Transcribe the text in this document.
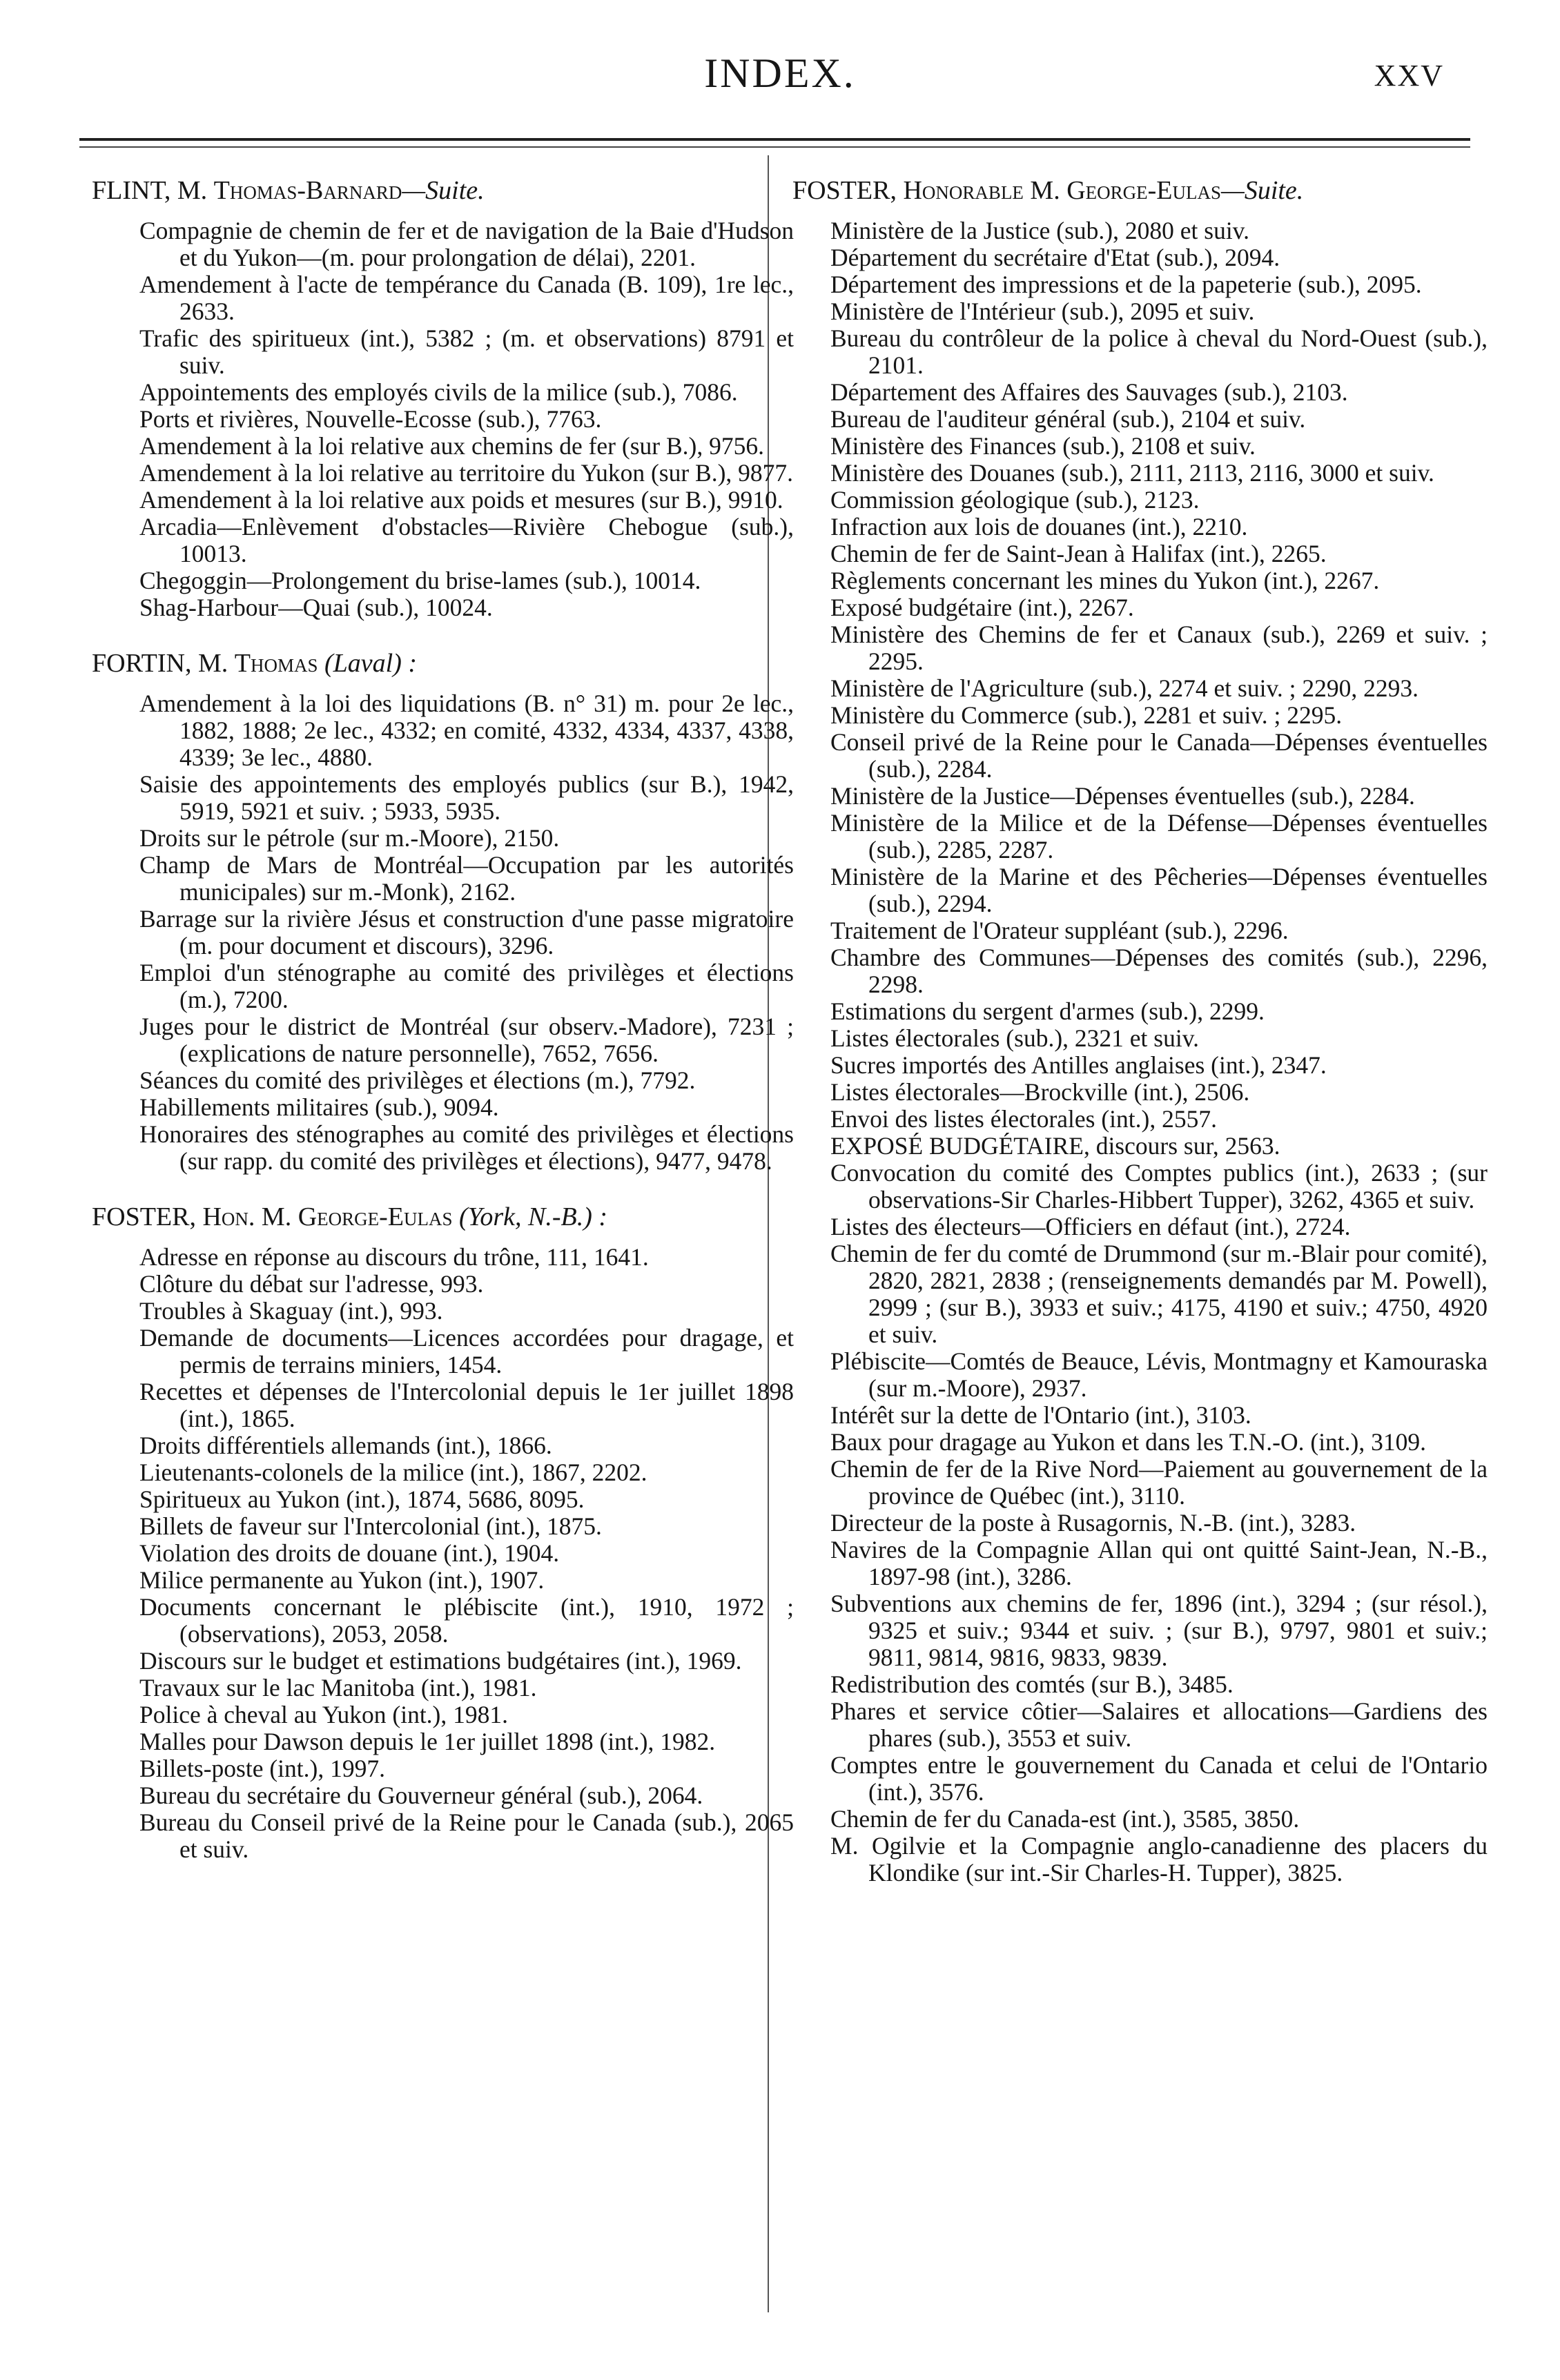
INDEX.	XXV
FLINT, M. Thomas-Barnard—Suite.

Compagnie de chemin de fer et de navigation de la Baie d'Hudson et du Yukon—(m. pour prolongation de délai), 2201.

Amendement à l'acte de tempérance du Canada (B. 109), 1re lec., 2633.

Trafic des spiritueux (int.), 5382 ; (m. et observations) 8791 et suiv.

Appointements des employés civils de la milice (sub.), 7086.

Ports et rivières, Nouvelle-Ecosse (sub.), 7763.

Amendement à la loi relative aux chemins de fer (sur B.), 9756.

Amendement à la loi relative au territoire du Yukon (sur B.), 9877.

Amendement à la loi relative aux poids et mesures (sur B.), 9910.

Arcadia—Enlèvement d'obstacles—Rivière Chebogue (sub.), 10013.

Chegoggin—Prolongement du brise-lames (sub.), 10014.

Shag-Harbour—Quai (sub.), 10024.

FORTIN, M. Thomas (Laval) :

Amendement à la loi des liquidations (B. n° 31) m. pour 2e lec., 1882, 1888; 2e lec., 4332; en comité, 4332, 4334, 4337, 4338, 4339; 3e lec., 4880.

Saisie des appointements des employés publics (sur B.), 1942, 5919, 5921 et suiv. ; 5933, 5935.

Droits sur le pétrole (sur m.-Moore), 2150.

Champ de Mars de Montréal—Occupation par les autorités municipales) sur m.-Monk), 2162.

Barrage sur la rivière Jésus et construction d'une passe migratoire (m. pour document et discours), 3296.

Emploi d'un sténographe au comité des privilèges et élections (m.), 7200.

Juges pour le district de Montréal (sur observ.-Madore), 7231 ; (explications de nature personnelle), 7652, 7656.

Séances du comité des privilèges et élections (m.), 7792.

Habillements militaires (sub.), 9094.

Honoraires des sténographes au comité des privilèges et élections (sur rapp. du comité des privilèges et élections), 9477, 9478.

FOSTER, Hon. M. George-Eulas (York, N.-B.) :

Adresse en réponse au discours du trône, 111, 1641.

Clôture du débat sur l'adresse, 993.

Troubles à Skaguay (int.), 993.

Demande de documents—Licences accordées pour dragage, et permis de terrains miniers, 1454.

Recettes et dépenses de l'Intercolonial depuis le 1er juillet 1898 (int.), 1865.

Droits différentiels allemands (int.), 1866.

Lieutenants-colonels de la milice (int.), 1867, 2202.

Spiritueux au Yukon (int.), 1874, 5686, 8095.

Billets de faveur sur l'Intercolonial (int.), 1875.

Violation des droits de douane (int.), 1904.

Milice permanente au Yukon (int.), 1907.

Documents concernant le plébiscite (int.), 1910, 1972 ; (observations), 2053, 2058.

Discours sur le budget et estimations budgétaires (int.), 1969.

Travaux sur le lac Manitoba (int.), 1981.

Police à cheval au Yukon (int.), 1981.

Malles pour Dawson depuis le 1er juillet 1898 (int.), 1982.

Billets-poste (int.), 1997.

Bureau du secrétaire du Gouverneur général (sub.), 2064.

Bureau du Conseil privé de la Reine pour le Canada (sub.), 2065 et suiv.

FOSTER, Honorable M. George-Eulas—Suite.

Ministère de la Justice (sub.), 2080 et suiv.

Département du secrétaire d'Etat (sub.), 2094.

Département des impressions et de la papeterie (sub.), 2095.

Ministère de l'Intérieur (sub.), 2095 et suiv.

Bureau du contrôleur de la police à cheval du Nord-Ouest (sub.), 2101.

Département des Affaires des Sauvages (sub.), 2103.

Bureau de l'auditeur général (sub.), 2104 et suiv.

Ministère des Finances (sub.), 2108 et suiv.

Ministère des Douanes (sub.), 2111, 2113, 2116, 3000 et suiv.

Commission géologique (sub.), 2123.

Infraction aux lois de douanes (int.), 2210.

Chemin de fer de Saint-Jean à Halifax (int.), 2265.

Règlements concernant les mines du Yukon (int.), 2267.

Exposé budgétaire (int.), 2267.

Ministère des Chemins de fer et Canaux (sub.), 2269 et suiv. ; 2295.

Ministère de l'Agriculture (sub.), 2274 et suiv. ; 2290, 2293.

Ministère du Commerce (sub.), 2281 et suiv. ; 2295.

Conseil privé de la Reine pour le Canada—Dépenses éventuelles (sub.), 2284.

Ministère de la Justice—Dépenses éventuelles (sub.), 2284.

Ministère de la Milice et de la Défense—Dépenses éventuelles (sub.), 2285, 2287.

Ministère de la Marine et des Pêcheries—Dépenses éventuelles (sub.), 2294.

Traitement de l'Orateur suppléant (sub.), 2296.

Chambre des Communes—Dépenses des comités (sub.), 2296, 2298.

Estimations du sergent d'armes (sub.), 2299.

Listes électorales (sub.), 2321 et suiv.

Sucres importés des Antilles anglaises (int.), 2347.

Listes électorales—Brockville (int.), 2506.

Envoi des listes électorales (int.), 2557.

EXPOSÉ BUDGÉTAIRE, discours sur, 2563.

Convocation du comité des Comptes publics (int.), 2633 ; (sur observations-Sir Charles-Hibbert Tupper), 3262, 4365 et suiv.

Listes des électeurs—Officiers en défaut (int.), 2724.

Chemin de fer du comté de Drummond (sur m.-Blair pour comité), 2820, 2821, 2838 ; (renseignements demandés par M. Powell), 2999 ; (sur B.), 3933 et suiv.; 4175, 4190 et suiv.; 4750, 4920 et suiv.

Plébiscite—Comtés de Beauce, Lévis, Montmagny et Kamouraska (sur m.-Moore), 2937.

Intérêt sur la dette de l'Ontario (int.), 3103.

Baux pour dragage au Yukon et dans les T.N.-O. (int.), 3109.

Chemin de fer de la Rive Nord—Paiement au gouvernement de la province de Québec (int.), 3110.

Directeur de la poste à Rusagornis, N.-B. (int.), 3283.

Navires de la Compagnie Allan qui ont quitté Saint-Jean, N.-B., 1897-98 (int.), 3286.

Subventions aux chemins de fer, 1896 (int.), 3294 ; (sur résol.), 9325 et suiv.; 9344 et suiv. ; (sur B.), 9797, 9801 et suiv.; 9811, 9814, 9816, 9833, 9839.

Redistribution des comtés (sur B.), 3485.

Phares et service côtier—Salaires et allocations—Gardiens des phares (sub.), 3553 et suiv.

Comptes entre le gouvernement du Canada et celui de l'Ontario (int.), 3576.

Chemin de fer du Canada-est (int.), 3585, 3850.

M. Ogilvie et la Compagnie anglo-canadienne des placers du Klondike (sur int.-Sir Charles-H. Tupper), 3825.
